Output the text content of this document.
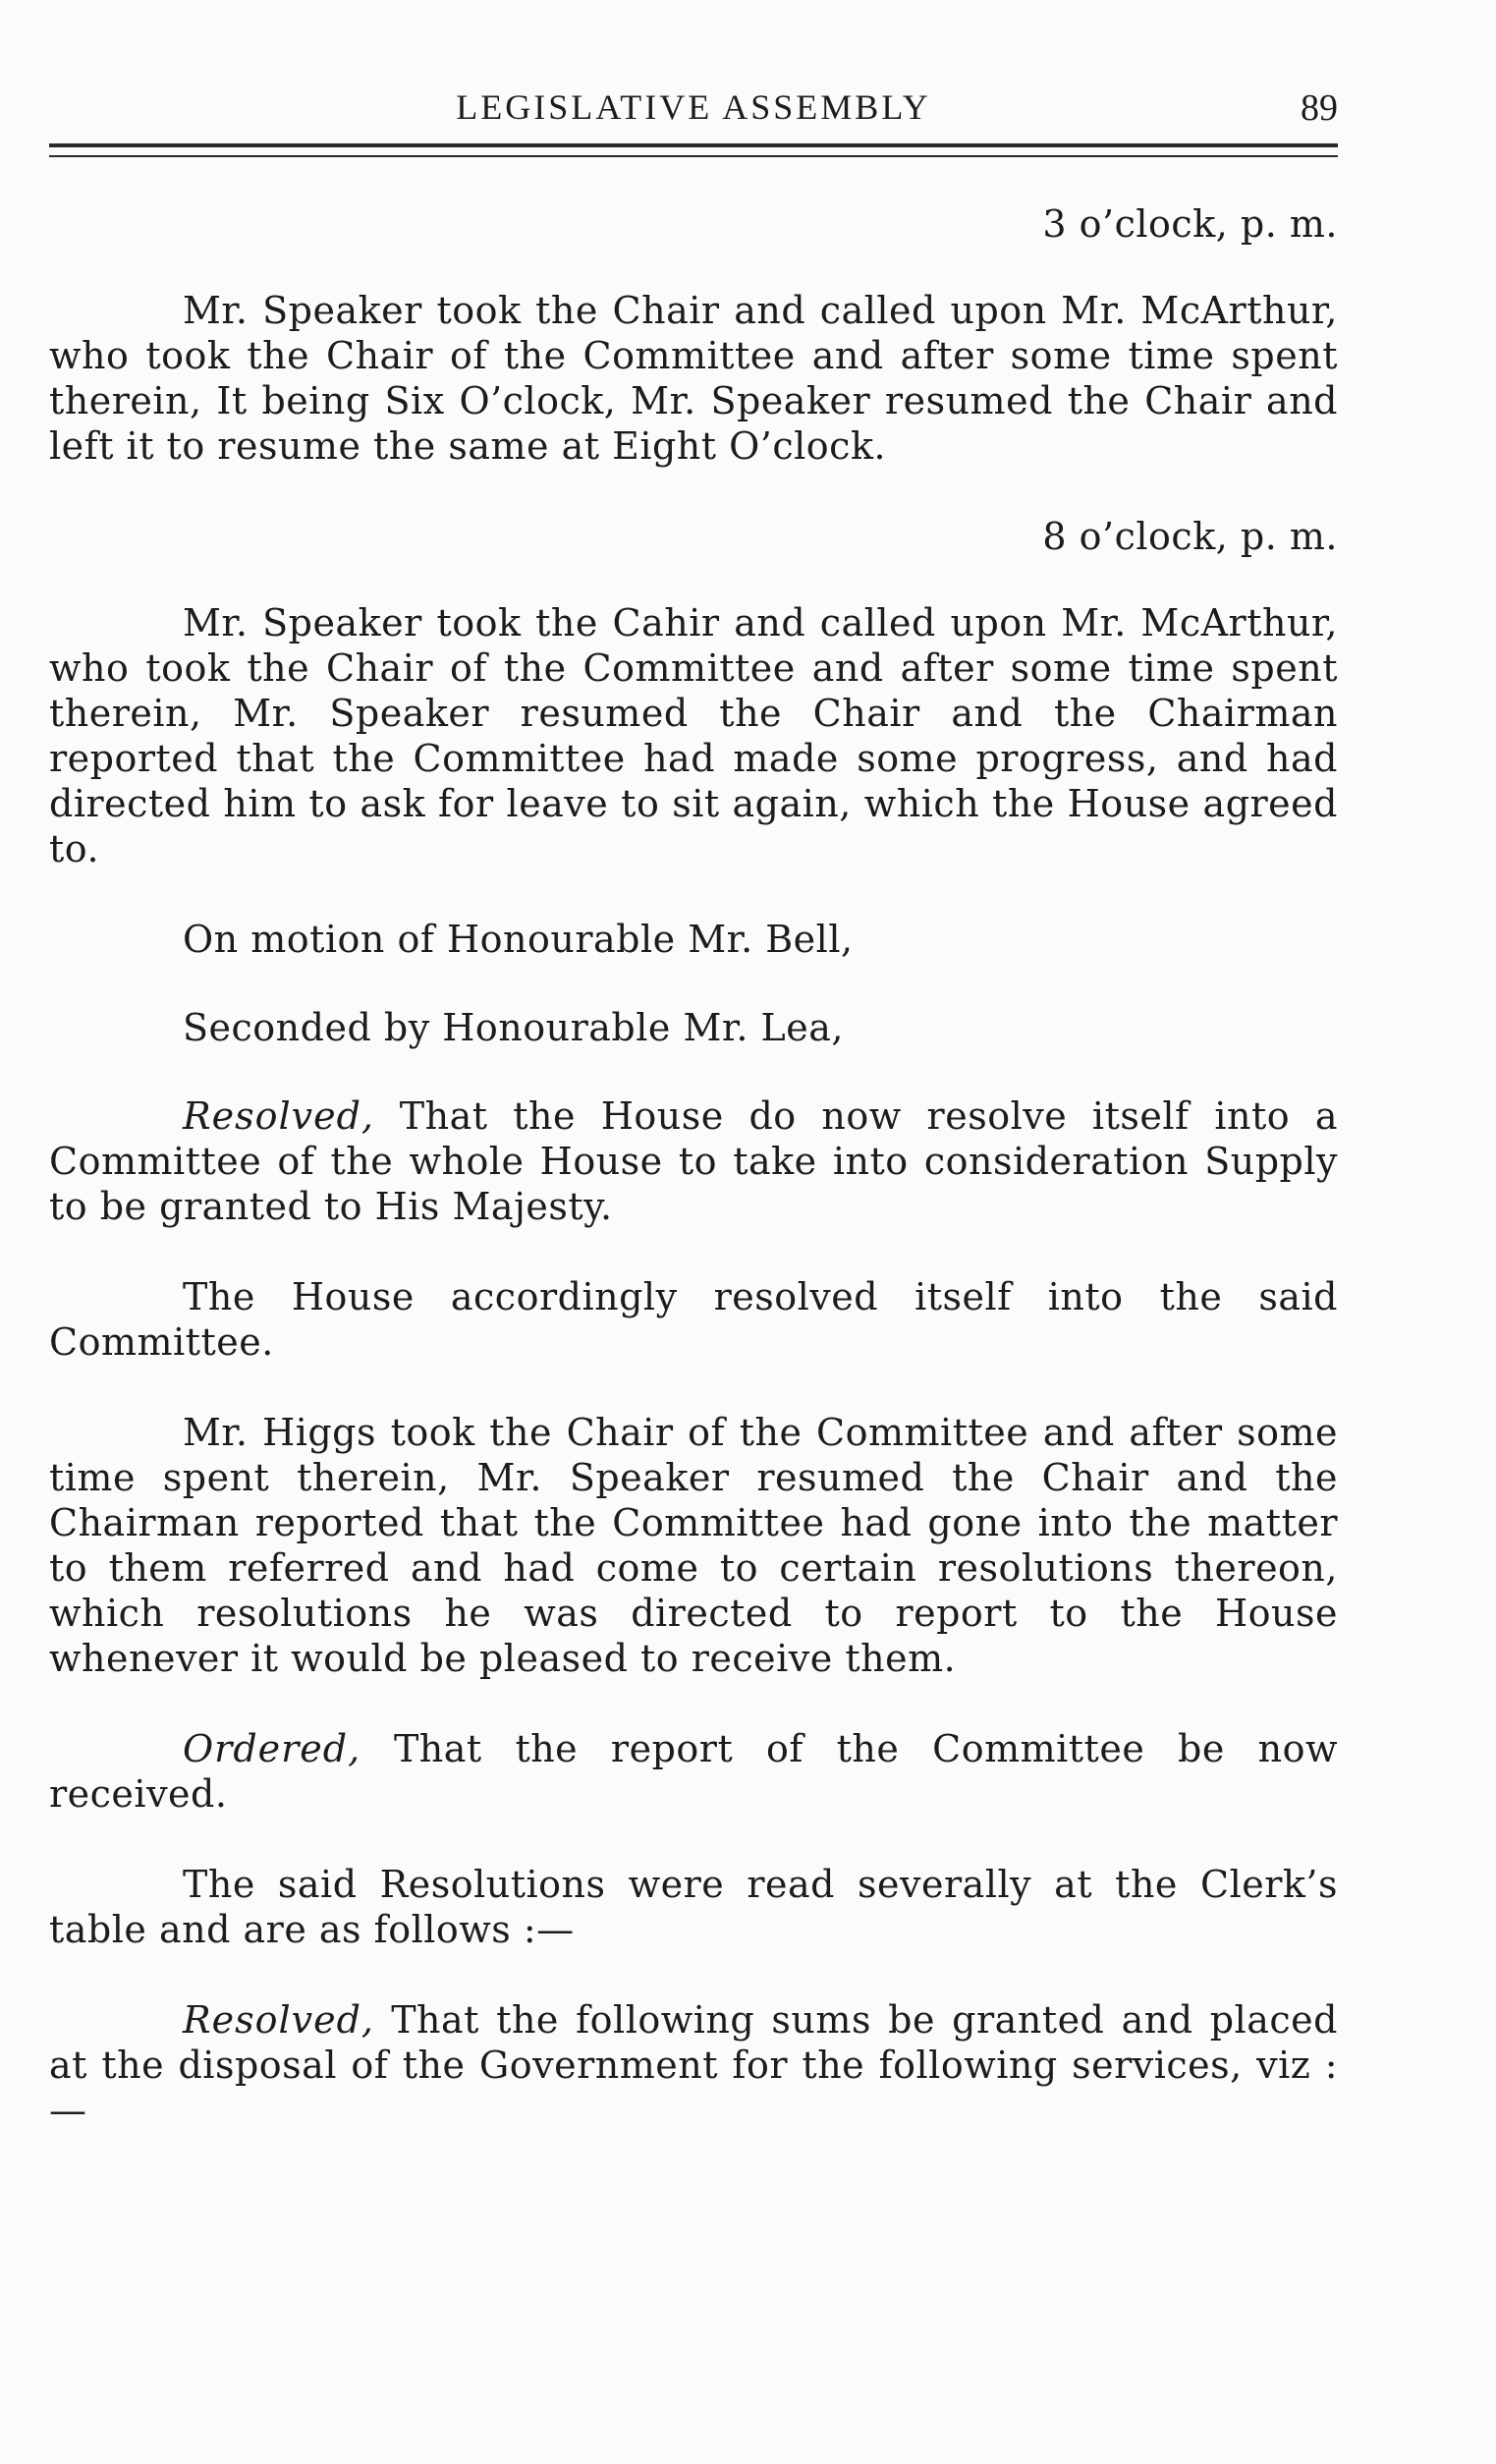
LEGISLATIVE ASSEMBLY	89

3 o’clock, p. m.

Mr. Speaker took the Chair and called upon Mr. McArthur, who took the Chair of the Committee and after some time spent therein, It being Six O’clock, Mr. Speaker resumed the Chair and left it to resume the same at Eight O’clock.

8 o’clock, p. m.

Mr. Speaker took the Cahir and called upon Mr. McArthur, who took the Chair of the Committee and after some time spent therein, Mr. Speaker resumed the Chair and the Chairman reported that the Committee had made some progress, and had directed him to ask for leave to sit again, which the House agreed to.

On motion of Honourable Mr. Bell,

Seconded by Honourable Mr. Lea,

Resolved, That the House do now resolve itself into a Committee of the whole House to take into consideration Supply to be granted to His Majesty.

The House accordingly resolved itself into the said Committee.

Mr. Higgs took the Chair of the Committee and after some time spent therein, Mr. Speaker resumed the Chair and the Chairman reported that the Committee had gone into the matter to them referred and had come to certain resolutions thereon, which resolutions he was directed to report to the House whenever it would be pleased to receive them.

Ordered, That the report of the Committee be now received.

The said Resolutions were read severally at the Clerk’s table and are as follows :—

Resolved, That the following sums be granted and placed at the disposal of the Government for the following services, viz :—
